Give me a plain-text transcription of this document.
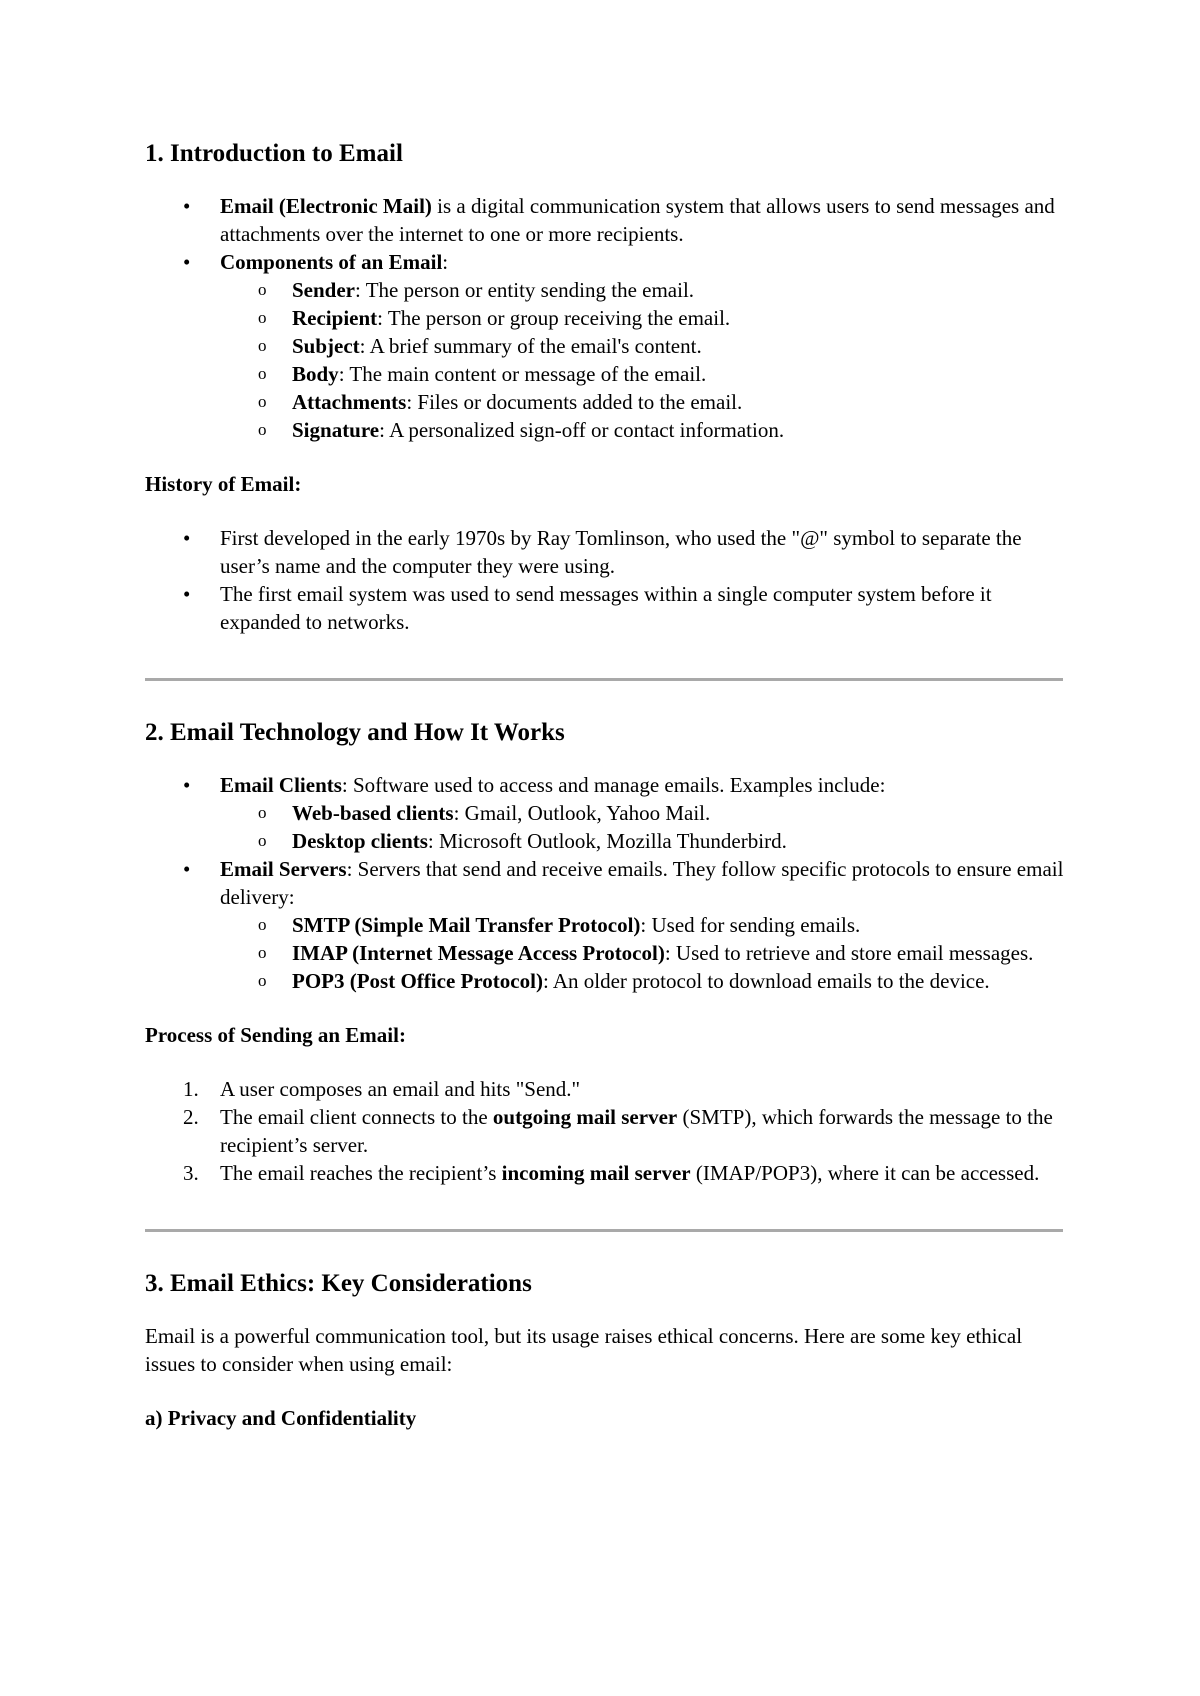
1. Introduction to Email
• Email (Electronic Mail) is a digital communication system that allows users to send messages and attachments over the internet to one or more recipients.
• Components of an Email:
o Sender: The person or entity sending the email.
o Recipient: The person or group receiving the email.
o Subject: A brief summary of the email's content.
o Body: The main content or message of the email.
o Attachments: Files or documents added to the email.
o Signature: A personalized sign-off or contact information.
History of Email:
• First developed in the early 1970s by Ray Tomlinson, who used the "@" symbol to separate the user’s name and the computer they were using.
• The first email system was used to send messages within a single computer system before it expanded to networks.
2. Email Technology and How It Works
• Email Clients: Software used to access and manage emails. Examples include:
o Web-based clients: Gmail, Outlook, Yahoo Mail.
o Desktop clients: Microsoft Outlook, Mozilla Thunderbird.
• Email Servers: Servers that send and receive emails. They follow specific protocols to ensure email delivery:
o SMTP (Simple Mail Transfer Protocol): Used for sending emails.
o IMAP (Internet Message Access Protocol): Used to retrieve and store email messages.
o POP3 (Post Office Protocol): An older protocol to download emails to the device.
Process of Sending an Email:
1. A user composes an email and hits "Send."
2. The email client connects to the outgoing mail server (SMTP), which forwards the message to the recipient’s server.
3. The email reaches the recipient’s incoming mail server (IMAP/POP3), where it can be accessed.
3. Email Ethics: Key Considerations

Email is a powerful communication tool, but its usage raises ethical concerns. Here are some key ethical issues to consider when using email:

a) Privacy and Confidentiality
